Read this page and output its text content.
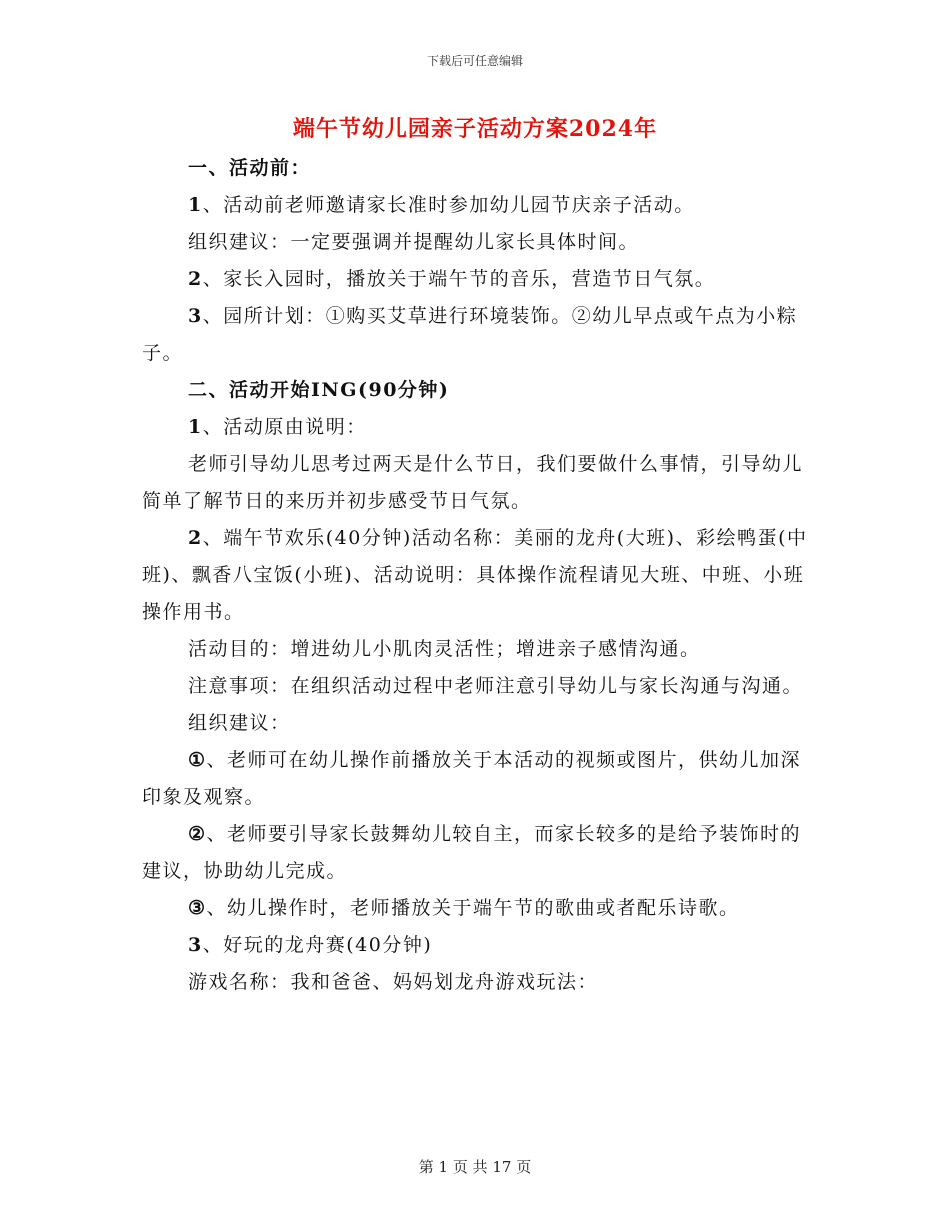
下载后可任意编辑
端午节幼儿园亲子活动方案2024年

一、活动前：

1、活动前老师邀请家长准时参加幼儿园节庆亲子活动。

组织建议：一定要强调并提醒幼儿家长具体时间。

2、家长入园时，播放关于端午节的音乐，营造节日气氛。

3、园所计划：①购买艾草进行环境装饰。②幼儿早点或午点为小粽子。

二、活动开始ING(90分钟)

1、活动原由说明：

老师引导幼儿思考过两天是什么节日，我们要做什么事情，引导幼儿简单了解节日的来历并初步感受节日气氛。

2、端午节欢乐(40分钟)活动名称：美丽的龙舟(大班)、彩绘鸭蛋(中班)、飘香八宝饭(小班)、活动说明：具体操作流程请见大班、中班、小班操作用书。

活动目的：增进幼儿小肌肉灵活性；增进亲子感情沟通。

注意事项：在组织活动过程中老师注意引导幼儿与家长沟通与沟通。

组织建议：

①、老师可在幼儿操作前播放关于本活动的视频或图片，供幼儿加深印象及观察。

②、老师要引导家长鼓舞幼儿较自主，而家长较多的是给予装饰时的建议，协助幼儿完成。

③、幼儿操作时，老师播放关于端午节的歌曲或者配乐诗歌。

3、好玩的龙舟赛(40分钟)

游戏名称：我和爸爸、妈妈划龙舟游戏玩法：

第 1 页 共 17 页
